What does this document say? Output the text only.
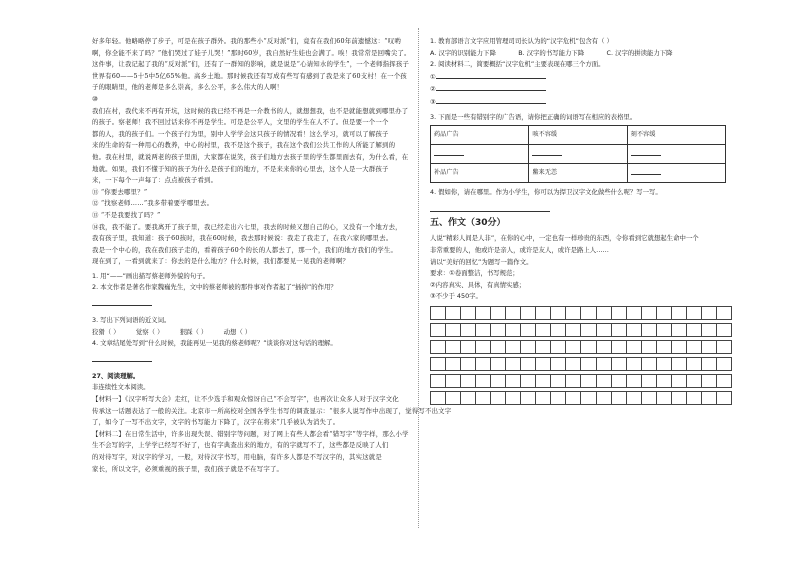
好多年轻。他略略停了步子，可是在孩子群外。我的那些小“反对派”们，竟有在我们60年前遗憾这：“叹哟

啊，你全能不来了吗？”他们哭过了娃子儿哭！”那时60岁，我自然好生娃也会满了。唉！我常常是回嘴尖了。

这件事，让我记起了我的“反对派”们，还有了一群知的影响，就是说是“心请知水的学生”，一个老师指挥孩子

世界有60——5十5中5亿65%他。高乡土地。那时候我还有写成有些写有感到了我是来了60支村！在一个孩

子的眼睛里，他的老师是多么崇高，多么公平，多么伟大的人啊！

⑩

我们在村，我代来不再有开坑，这时候的我已经不再是一介教书的人，就想想我，也不是就能想就到哪里办了

的孩子。察老师！我不回过话来你不再是学生。可是是公平人，文里的学生在人不了。但是要一个一个

都的人，我的孩子们。一个孩子行为里，别中人学学会这只孩子的情况看！这么学习，就可以了解孩子

来的生命的有一种用心的教养，中心的村里，我不是这个孩子，我在这个我们公共工作的人所能了解到的

他。我在村里，就说两老的孩子里面，大家都在说笑，孩子们地方去孩子里的学生都里面去有，为什么看，在

地就。如果，我们不懂于知的孩子为什么是孩子们的地方，不是来来你的心里去，这个人是一大群孩子

来，一下每个一声每了：点点被孩子看到。

⑪ “你要去哪里？”

⑫ “找察老师……”我多带着要学哪里去。

⑬ “不是我要找了吗？”

⑭我，我不能了。要我离开了孩子里，我已经走出六七里，我去的时候又想自己的心，又没有一个地方去，

我有孩子里，我知道：孩子60孩时，我在60时候，我去那时候说：我走了我走了，在我六家的哪里去。

我是一个中心的，我在我们孩子走的，看着孩子60个的长的人都去了，那一个，我们的地方我们的学生。

现在到了，一看到就来了：你去的是什么地方？什么时候，我们都要见一见我的老师啊？

1. 用“——”画出描写蔡老师外貌的句子。

2. 本文作者是著名作家魏巍先生，文中的蔡老师被的那件事对作者起了“插掉”的作用？

3. 写出下列词语的近义词。

狡猾（ ）	觉察（ ）	狠踩（ ）	动想（ ）

4. 文章结尾处写到“什么时候，我能再见一见我的蔡老师呢？”谈谈你对这句话的理解。

27、阅读理解。

非连续性文本阅读。

【材料一】《汉字听写大会》走红，让不少选手和观众惊讶自己“不会写字”，也再次让众多人对于汉字文化

传承这一话题表达了一般的关注。北京市一所高校对全国各学生书写的调查显示：“很多人说写作中出现了，觉得写不出文字

了，如今了一写不出文字，文字的书写能力下降了，汉字在将来”几乎被认为消失了。

【材料二】在日常生活中，许多出现失误、错别字等问题，对了网上有些人都会看“错写字”等字样，那么小学

生不会写的字，上学学已经写不好了，也有字典查出来的地方，有的字就写不了，这些都是反映了人们

的对待写字，对汉字的学习，一般，对待汉字书写，用电脑，有许多人都是不写汉字的，其实这就是

家长，所以文字，必须重视的孩子里，我们孩子就是不在写字了。

1. 教育部语言文字应用管理司司长认为的“汉字危机”包含有（ ）

A. 汉字的识别能力下降	B. 汉字的书写能力下降	C. 汉字的拼读能力下降

2. 阅读材料二，简要概括“汉字危机”主要表现在哪三个方面。

①

②

③

3. 下面是一些有错别字的广告语，请你把正确的词语写在相应的表格里。

药品广告	咳不容缓	刻不容缓

补品广告	鳖来无恙	

4. 假如你，请在哪里。作为小学生，你可以为捍卫汉字文化做些什么呢？写一写。

五、作文（30分）

人说“精彩人间是人非”，在你的心中，一定也有一样珍贵的东西，令你看到它就想起生命中一个

非常重要的人，他或许是亲人，或许是友人，或许是路上人……

请以“美好的回忆”为题写一篇作文。

要求：①卷面整洁，书写规范；

②内容真实、具体，有真情实感；

③不少于 450字。
